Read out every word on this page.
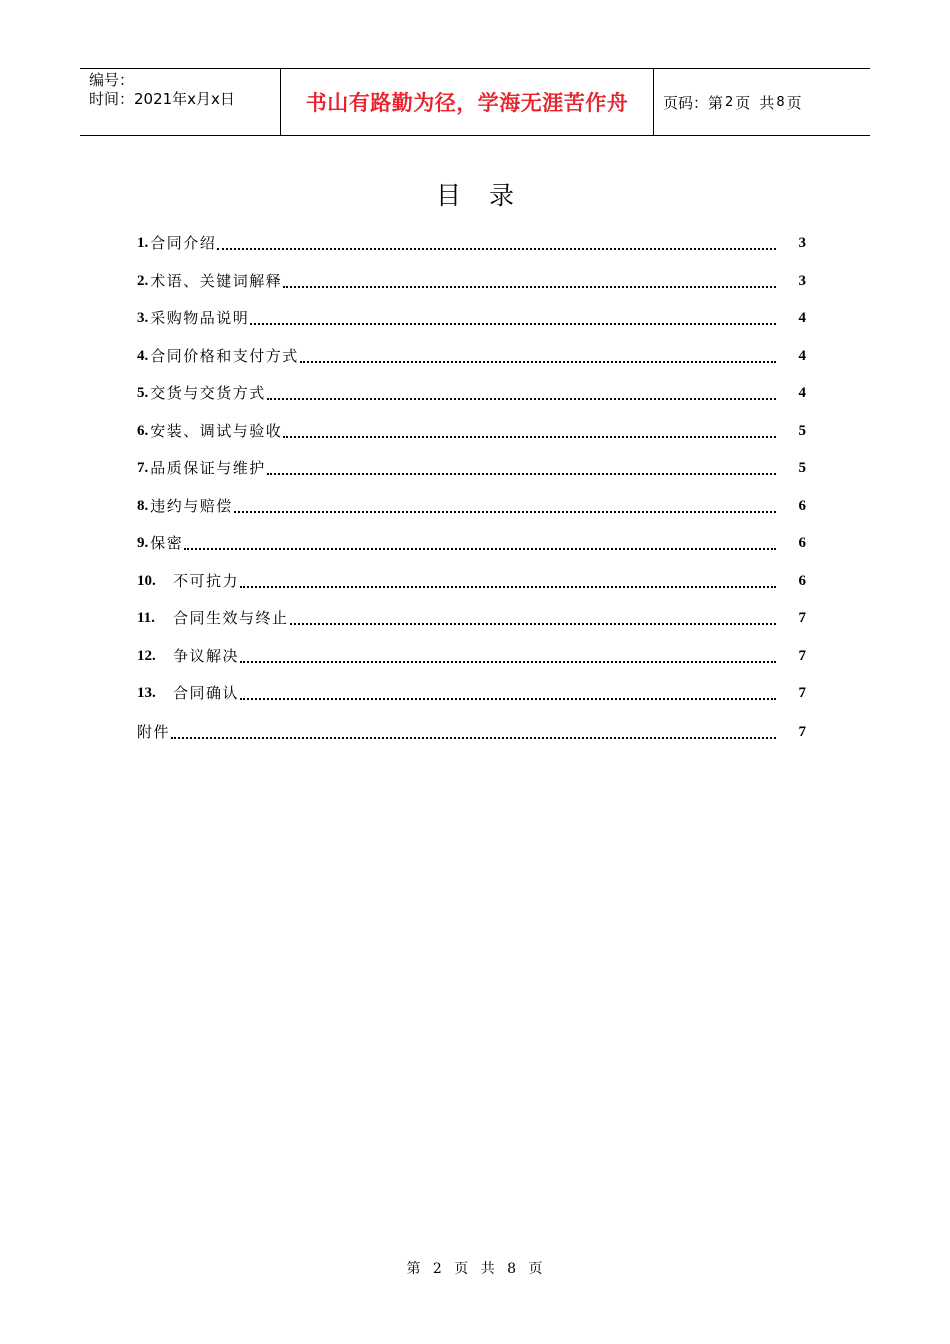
编号：
时间：2021年x月x日	书山有路勤为径，学海无涯苦作舟	页码：第 2 页 共 8 页
目录
1. 合同介绍	3
2. 术语、关键词解释	3
3. 采购物品说明	4
4. 合同价格和支付方式	4
5. 交货与交货方式	4
6. 安装、调试与验收	5
7. 品质保证与维护	5
8. 违约与赔偿	6
9. 保密	6
10.	不可抗力	6
11.	合同生效与终止	7
12.	争议解决	7
13.	合同确认	7
附件	7
第 2 页 共 8 页
